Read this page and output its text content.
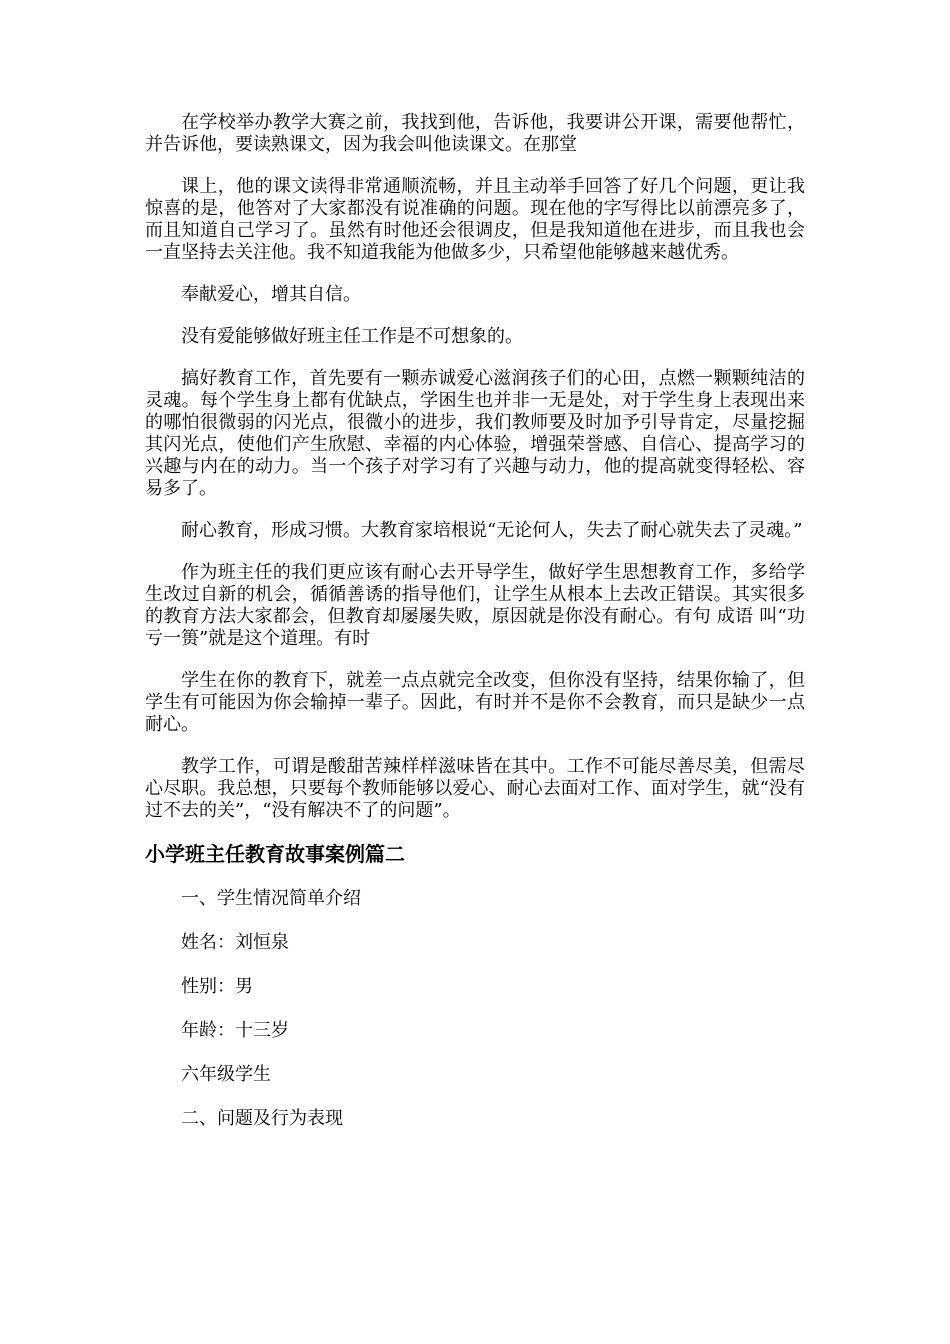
在学校举办教学大赛之前，我找到他，告诉他，我要讲公开课，需要他帮忙，并告诉他，要读熟课文，因为我会叫他读课文。在那堂

课上，他的课文读得非常通顺流畅，并且主动举手回答了好几个问题，更让我惊喜的是，他答对了大家都没有说准确的问题。现在他的字写得比以前漂亮多了，而且知道自己学习了。虽然有时他还会很调皮，但是我知道他在进步，而且我也会一直坚持去关注他。我不知道我能为他做多少，只希望他能够越来越优秀。

奉献爱心，增其自信。

没有爱能够做好班主任工作是不可想象的。

搞好教育工作，首先要有一颗赤诚爱心滋润孩子们的心田，点燃一颗颗纯洁的灵魂。每个学生身上都有优缺点，学困生也并非一无是处，对于学生身上表现出来的哪怕很微弱的闪光点，很微小的进步，我们教师要及时加予引导肯定，尽量挖掘其闪光点，使他们产生欣慰、幸福的内心体验，增强荣誉感、自信心、提高学习的兴趣与内在的动力。当一个孩子对学习有了兴趣与动力，他的提高就变得轻松、容易多了。

耐心教育，形成习惯。大教育家培根说“无论何人，失去了耐心就失去了灵魂。”

作为班主任的我们更应该有耐心去开导学生，做好学生思想教育工作，多给学生改过自新的机会，循循善诱的指导他们，让学生从根本上去改正错误。其实很多的教育方法大家都会，但教育却屡屡失败，原因就是你没有耐心。有句 成语 叫“功亏一篑”就是这个道理。有时

学生在你的教育下，就差一点点就完全改变，但你没有坚持，结果你输了，但学生有可能因为你会输掉一辈子。因此，有时并不是你不会教育，而只是缺少一点耐心。

教学工作，可谓是酸甜苦辣样样滋味皆在其中。工作不可能尽善尽美，但需尽心尽职。我总想，只要每个教师能够以爱心、耐心去面对工作、面对学生，就“没有过不去的关”，“没有解决不了的问题”。

小学班主任教育故事案例篇二

一、学生情况简单介绍

姓名：刘恒泉

性别：男

年龄：十三岁

六年级学生

二、问题及行为表现
